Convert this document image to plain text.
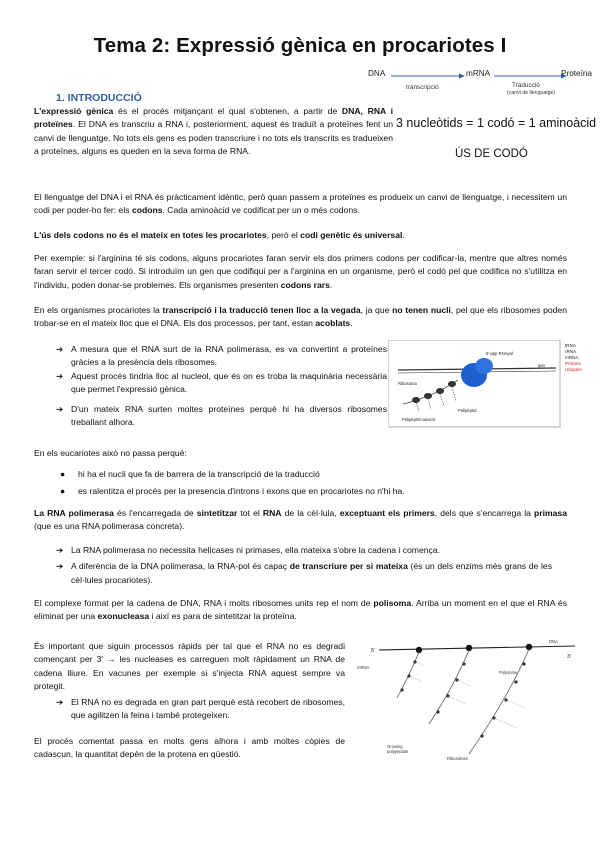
Tema 2: Expressió gènica en procariotes I
1. INTRODUCCIÓ
DNA	mRNA	Proteïna
transcripció	Traducció
(canvi de llenguatge)
3 nucleòtids = 1 codó = 1 aminoàcid
ÚS DE CODÓ
L'expressió gènica és el procés mitjançant el qual s'obtenen, a partir de DNA, RNA i proteïnes. El DNA es transcriu a RNA i, posteriorment, aquest és traduït a proteïnes fent un canvi de llenguatge. No tots els gens es poden transcriure i no tots els transcrits es tradueixen a proteïnes, alguns es queden en la seva forma de RNA.
El llenguatge del DNA i el RNA és pràcticament idèntic, però quan passem a proteïnes es produeix un canvi de llenguatge, i necessitem un codi per poder-ho fer: els codons. Cada aminoàcid ve codificat per un o més codons.
L'ús dels codons no és el mateix en totes les procariotes, però el codi genètic és universal.
Per exemple: si l'arginina té sis codons, alguns procariotes faran servir els dos primers codons per codificar-la, mentre que altres només faran servir el tercer codó. Si introduïm un gen que codifiqui per a l'arginina en un organisme, però el codó pel que codifica no s'utilitza en l'individu, poden donar-se problemes. Els organismes presenten codons rars.
En els organismes procariotes la transcripció i la traducció tenen lloc a la vegada, ja que no tenen nucli, pel que els ribosomes poden trobar-se en el mateix lloc que el DNA. Els dos processos, per tant, estan acoblats.
➔ A mesura que el RNA surt de la RNA polimerasa, es va convertint a proteïnes gràcies a la presència dels ribosomes.
➔ Aquest procés tindria lloc al nucleol, que és on es troba la maquinària necessària que permet l'expressió gènica.
➔ D'un mateix RNA surten moltes proteïnes perquè hi ha diversos ribosomes treballant alhora.
5'-ppp RNApol
gen
Ribosoma
Polipèptid
Polipèptid naixent
tRNA
rRNA
mRNA
Primers
Ubiqüen
En els eucariotes això no passa perquè:
● hi ha el nucli que fa de barrera de la transcripció de la traducció
● es ralentitza el procés per la presencia d'introns i exons que en procariotes no n'hi ha.
La RNA polimerasa és l'encarregada de sintetitzar tot el RNA de la cèl·lula, exceptuant els primers, dels que s'encarrega la primasa (que es una RNA polimerasa concreta).
➔ La RNA polimerasa no necessita helicases ni primases, ella mateixa s'obre la cadena i comença.
➔ A diferència de la DNA polimerasa, la RNA-pol és capaç de transcriure per si mateixa (és un dels enzims més grans de les cèl·lules procariotes).
El complexe format per la cadena de DNA, RNA i molts ribosomes units rep el nom de polisoma. Arriba un moment en el que el RNA és eliminat per una exonucleasa i així es para de sintetitzar la proteïna.
És important que siguin processos ràpids per tal que el RNA no es degradi començant per 3' → les nucleases es carreguen molt ràpidament un RNA de cadena lliure. En vacunes per exemple si s'injecta RNA aquest sempre va protegit.
➔ El RNA no es degrada en gran part perquè està recobert de ribosomes, que agilitzen la feina i també protegeixen.
El procés comentat passa en molts gens alhora i amb moltes còpies de cadascun, la quantitat depèn de la protena en qüestió.
5'
3'
DNA
mRNA
Polysome
Growing
polypeptide
Ribosomes
